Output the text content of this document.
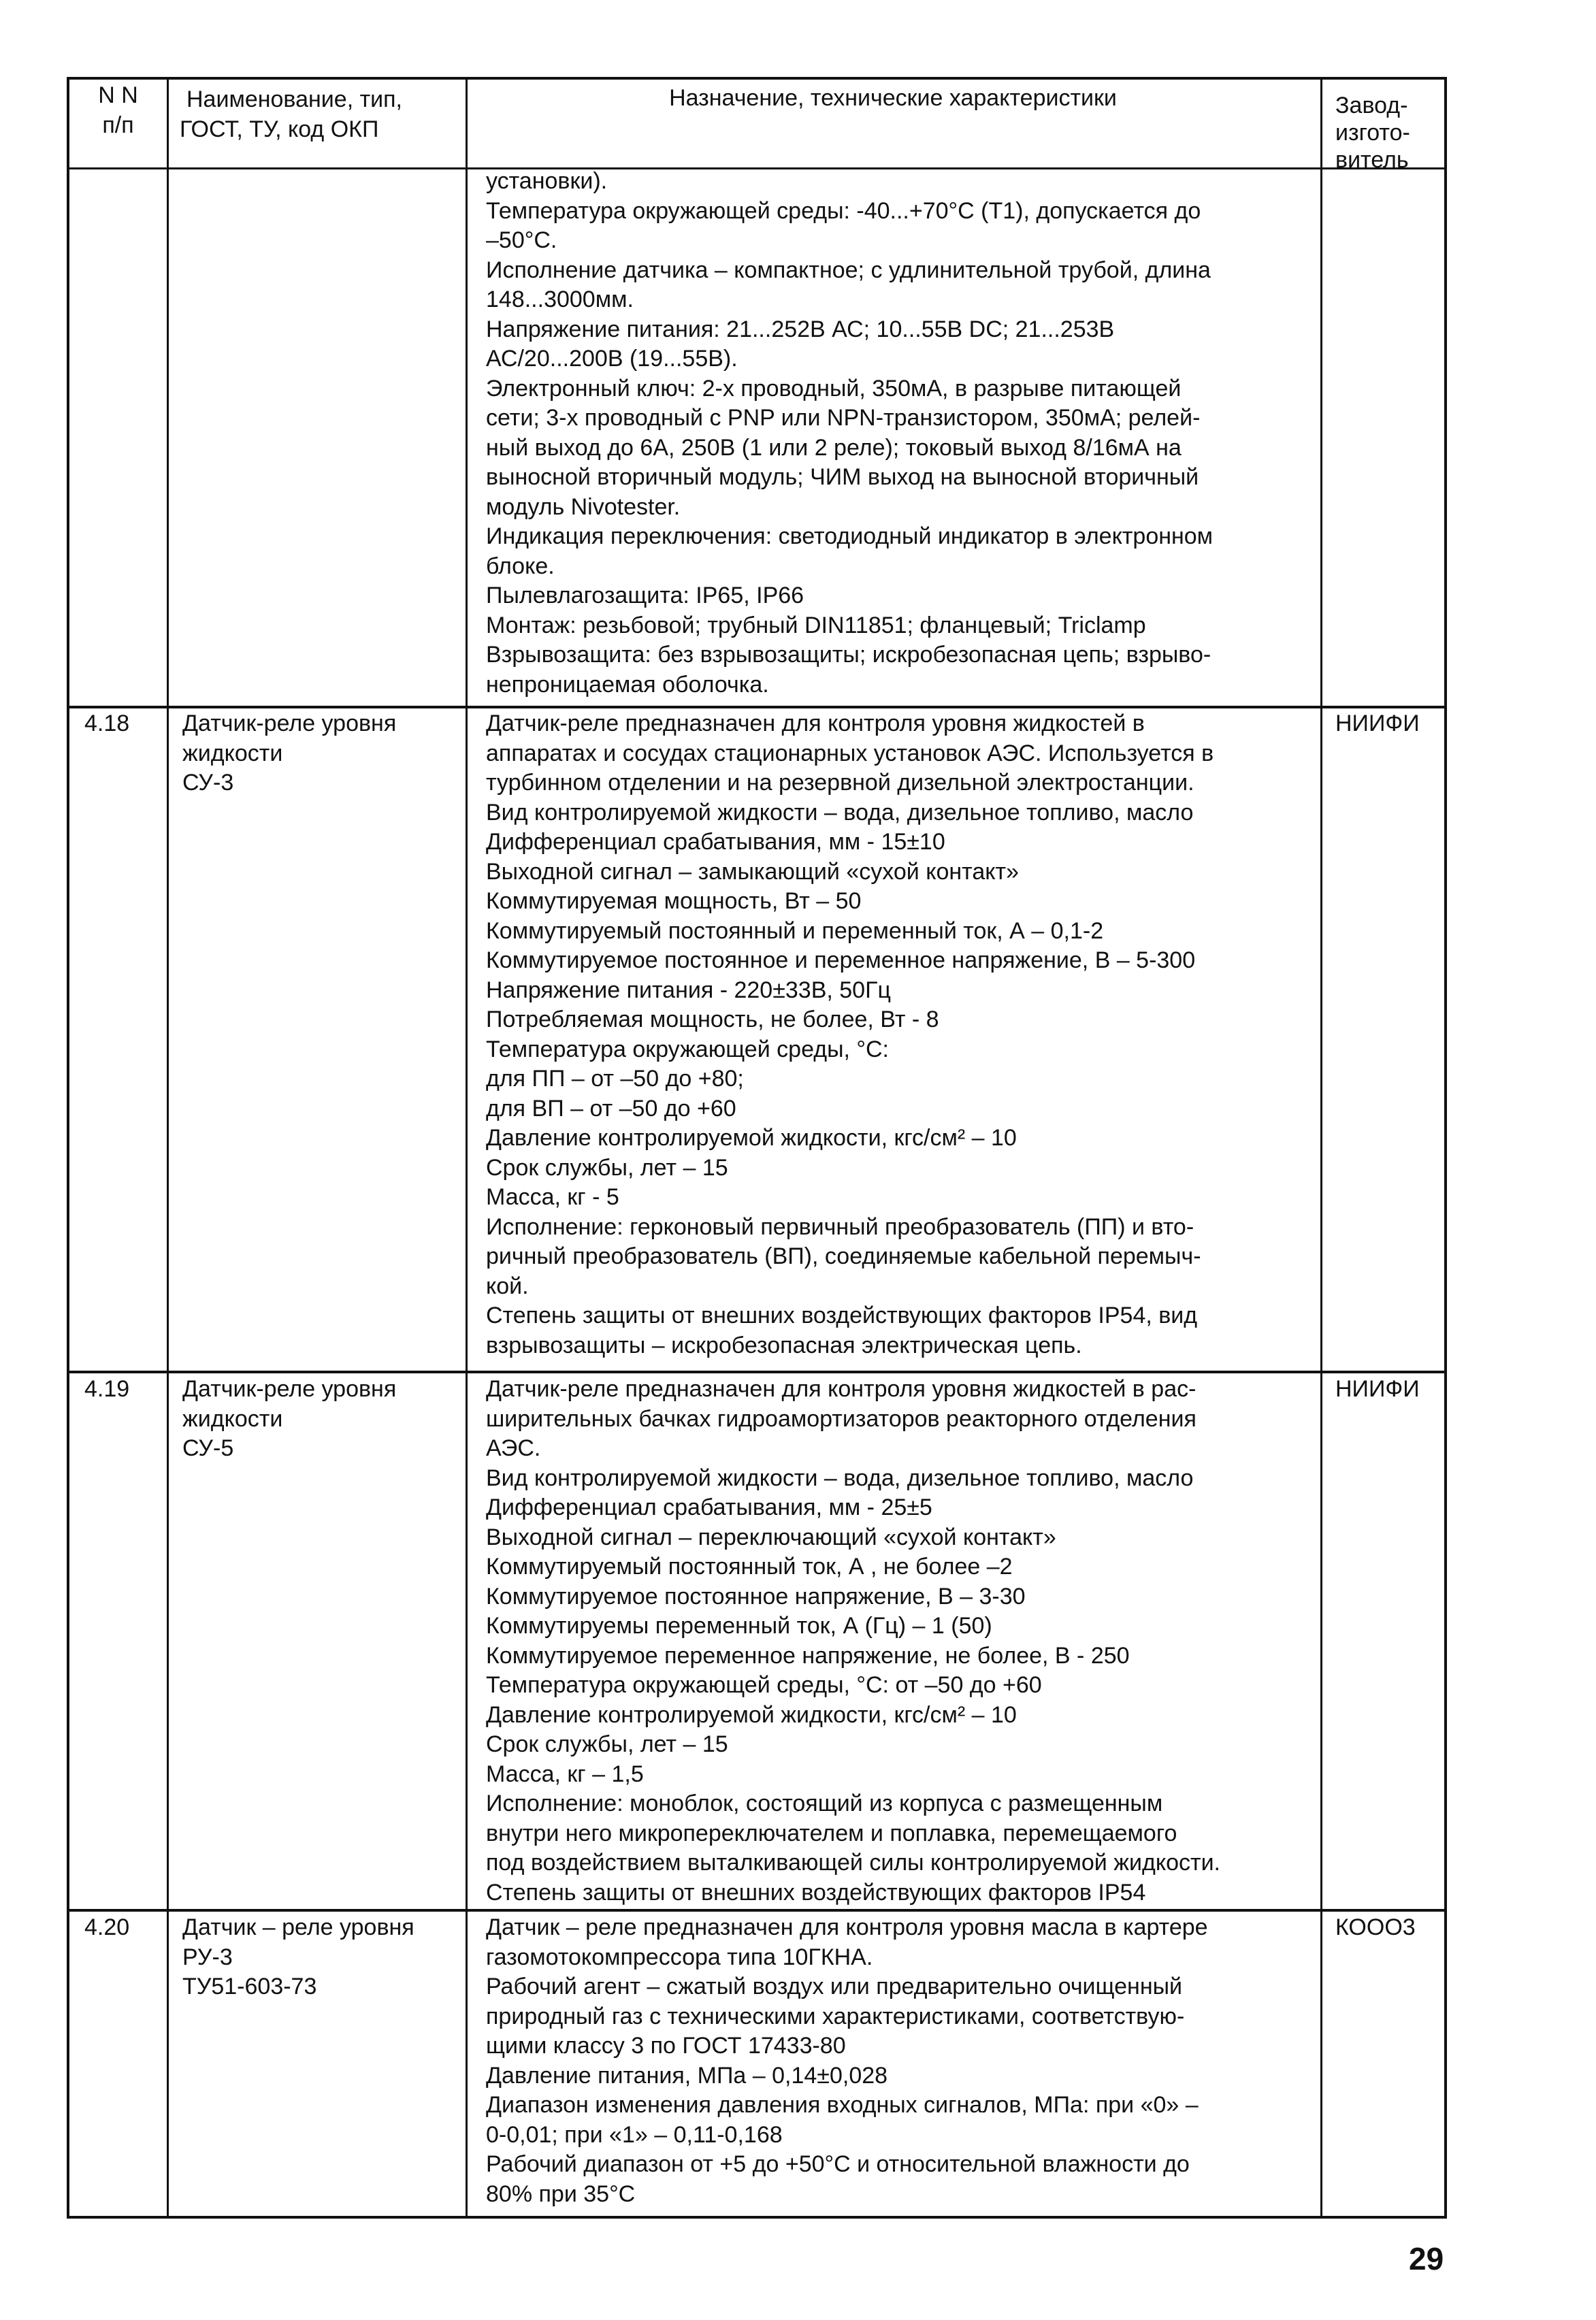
N N
п/п
Наименование, тип,
ГОСТ, ТУ, код ОКП
Назначение, технические характеристики	Завод-
изгото-
витель
установки).
Температура окружающей среды: -40...+70°С (Т1), допускается до
–50°С.
Исполнение датчика – компактное; с удлинительной трубой, длина
148...3000мм.
Напряжение питания: 21...252В АС; 10...55В DC; 21...253В
АС/20...200В (19...55В).
Электронный ключ: 2-х проводный, 350мА, в разрыве питающей
сети; 3-х проводный с PNP или NPN-транзистором, 350мА; релей-
ный выход до 6А, 250В (1 или 2 реле); токовый выход 8/16мА на
выносной вторичный модуль; ЧИМ выход на выносной вторичный
модуль Nivotester.
Индикация переключения: светодиодный индикатор в электронном
блоке.
Пылевлагозащита: IP65, IP66
Монтаж: резьбовой; трубный DIN11851; фланцевый; Triclamp
Взрывозащита: без взрывозащиты; искробезопасная цепь; взрыво-
непроницаемая оболочка.
4.18 Датчик-реле уровня
жидкости
СУ-3
Датчик-реле предназначен для контроля уровня жидкостей в
аппаратах и сосудах стационарных установок АЭС. Используется в
турбинном отделении и на резервной дизельной электростанции.
Вид контролируемой жидкости – вода, дизельное топливо, масло
Дифференциал срабатывания, мм - 15±10
Выходной сигнал – замыкающий «сухой контакт»
Коммутируемая мощность, Вт – 50
Коммутируемый постоянный и переменный ток, А – 0,1-2
Коммутируемое постоянное и переменное напряжение, В – 5-300
Напряжение питания - 220±33В, 50Гц
Потребляемая мощность, не более, Вт - 8
Температура окружающей среды, °С:
для ПП – от –50 до +80;
для ВП – от –50 до +60
Давление контролируемой жидкости, кгс/см² – 10
Срок службы, лет – 15
Масса, кг - 5
Исполнение: герконовый первичный преобразователь (ПП) и вто-
ричный преобразователь (ВП), соединяемые кабельной перемыч-
кой.
Степень защиты от внешних воздействующих факторов IP54, вид
взрывозащиты – искробезопасная электрическая цепь.
НИИФИ
4.19 Датчик-реле уровня
жидкости
СУ-5
Датчик-реле предназначен для контроля уровня жидкостей в рас-
ширительных бачках гидроамортизаторов реакторного отделения
АЭС.
Вид контролируемой жидкости – вода, дизельное топливо, масло
Дифференциал срабатывания, мм - 25±5
Выходной сигнал – переключающий «сухой контакт»
Коммутируемый постоянный ток, А , не более –2
Коммутируемое постоянное напряжение, В – 3-30
Коммутируемы переменный ток, А (Гц) – 1 (50)
Коммутируемое переменное напряжение, не более, В - 250
Температура окружающей среды, °С: от –50 до +60
Давление контролируемой жидкости, кгс/см² – 10
Срок службы, лет – 15
Масса, кг – 1,5
Исполнение: моноблок, состоящий из корпуса с размещенным
внутри него микропереключателем и поплавка, перемещаемого
под воздействием выталкивающей силы контролируемой жидкости.
Степень защиты от внешних воздействующих факторов IP54
НИИФИ
4.20 Датчик – реле уровня
РУ-3
ТУ51-603-73
Датчик – реле предназначен для контроля уровня масла в картере
газомотокомпрессора типа 10ГКНА.
Рабочий агент – сжатый воздух или предварительно очищенный
природный газ с техническими характеристиками, соответствую-
щими классу 3 по ГОСТ 17433-80
Давление питания, МПа – 0,14±0,028
Диапазон изменения давления входных сигналов, МПа: при «0» –
0-0,01; при «1» – 0,11-0,168
Рабочий диапазон от +5 до +50°С и относительной влажности до
80% при 35°С
КООО3
29
